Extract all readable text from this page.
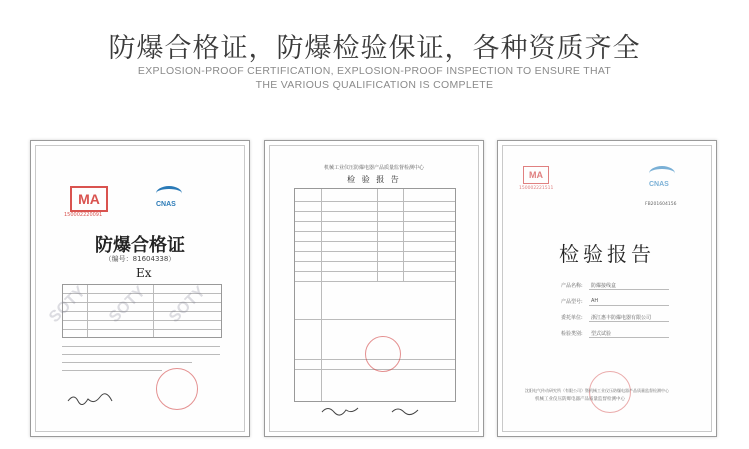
防爆合格证，防爆检验保证，各种资质齐全
EXPLOSION-PROOF CERTIFICATION, EXPLOSION-PROOF INSPECTION TO ENSURE THAT
THE VARIOUS QUALIFICATION IS COMPLETE
MA
150002220091
CNAS
防爆合格证
（编号：81604338）
Ex
SOTY SOTY SOTY
机械工业仪压防爆电器产品质量监督检测中心
检 验 报 告	MA
150002221511
CNAS
FB201604156
检验报告
产品名称: 防爆接线盒
产品型号: AH
委托单位: 浙江惠丰防爆电器有限公司
检验类别: 型式试验
沈阳电气传动研究所（有限公司）暨机械工业仪压防爆电器产品质量监督检测中心
机械工业仪压防爆电器产品质量监督检测中心
